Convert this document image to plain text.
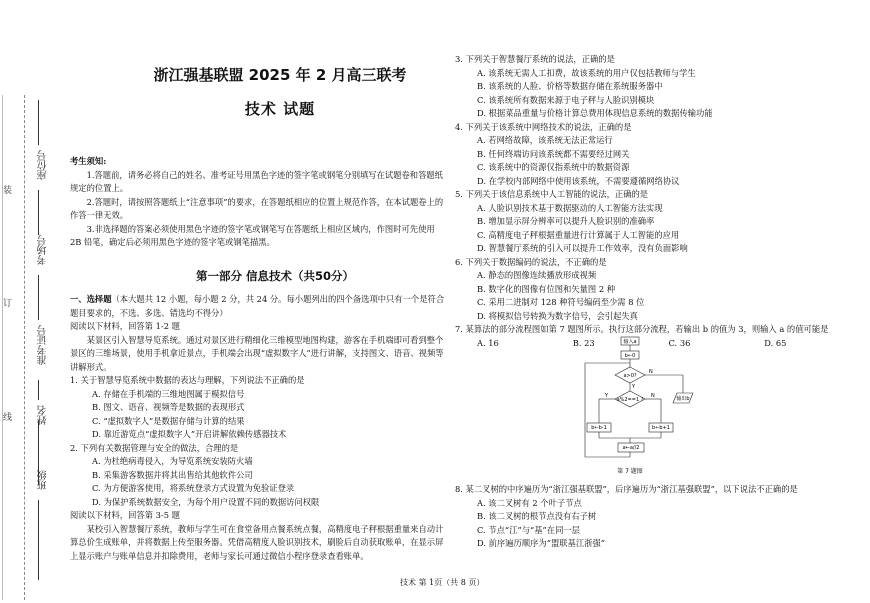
装
订
线
班级
姓名
准考证号
考场号
座位号
浙江强基联盟 2025 年 2 月高三联考
技术 试题

考生须知:

1.答题前，请务必将自己的姓名、准考证号用黑色字迹的签字笔或钢笔分别填写在试题卷和答题纸规定的位置上。

2.答题时，请按照答题纸上“注意事项”的要求，在答题纸相应的位置上规范作答，在本试题卷上的作答一律无效。

3.非选择题的答案必须使用黑色字迹的签字笔或钢笔写在答题纸上相应区域内，作图时可先使用 2B 铅笔，确定后必须用黑色字迹的签字笔或钢笔描黑。

第一部分 信息技术（共50分）

一、选择题（本大题共 12 小题，每小题 2 分，共 24 分。每小题列出的四个备选项中只有一个是符合题目要求的，不选、多选、错选均不得分）

阅读以下材料，回答第 1-2 题

某景区引入智慧导览系统。通过对景区进行精细化三维模型地图构建，游客在手机端即可看到整个景区的三维场景，使用手机拿近景点，手机端会出现“虚拟数字人”进行讲解，支持图文、语音、视频等讲解形式。

1. 关于智慧导览系统中数据的表达与理解，下列说法不正确的是

A. 存储在手机端的三维地图属于模拟信号

B. 图文、语音、视频等是数据的表现形式

C. “虚拟数字人”是数据存储与计算的结果

D. 靠近游览点“虚拟数字人”开启讲解依赖传感器技术

2. 下列有关数据管理与安全的做法，合理的是

A. 为杜绝病毒侵入，为导览系统安装防火墙

B. 采集游客数据并将其出售给其他软件公司

C. 为方便游客使用，将系统登录方式设置为免验证登录

D. 为保护系统数据安全，为每个用户设置不同的数据访问权限

阅读以下材料，回答第 3-5 题

某校引入智慧餐厅系统，教师与学生可在食堂备用点餐系统点餐，高精度电子秤根据重量来自动计算总价生成账单，并将数据上传至服务器。凭借高精度人脸识别技术，刷脸后自动获取账单，在显示屏上显示账户与账单信息并扣除费用，老师与家长可通过微信小程序登录查看账单。

3. 下列关于智慧餐厅系统的说法，正确的是

A. 该系统无需人工扣费，故该系统的用户仅包括教师与学生

B. 该系统的人脸、价格等数据存储在系统服务器中

C. 该系统所有数据来源于电子秤与人脸识别模块

D. 根据菜品重量与价格计算总费用体现信息系统的数据传输功能

4. 下列关于该系统中网络技术的说法，正确的是

A. 若网络故障，该系统无法正常运行

B. 任何终端访问该系统都不需要经过网关

C. 该系统中的资源仅指系统中的数据资源

D. 在学校内部网络中使用该系统，不需要遵循网络协议

5. 下列关于该信息系统中人工智能的说法，正确的是

A. 人脸识别技术基于数据驱动的人工智能方法实现

B. 增加显示屏分辨率可以提升人脸识别的准确率

C. 高精度电子秤根据重量进行计算属于人工智能的应用

D. 智慧餐厅系统的引入可以提升工作效率，没有负面影响

6. 下列关于数据编码的说法，不正确的是

A. 静态的图像连续播放形成视频

B. 数字化的图像有位图和矢量图 2 种

C. 采用二进制对 128 种符号编码至少需 8 位

D. 将模拟信号转换为数字信号，会引起失真

7. 某算法的部分流程图如第 7 题图所示。执行这部分流程，若输出 b 的值为 3，则输入 a 的值可能是

A. 16	B. 23	C. 36	D. 65
输入a
b←0
a>0?
a%2==1 ?
b←b-1	b←b+1
a←a//2
输出b
Y
N
Y	N
第 7 题图

8. 某二叉树的中序遍历为“浙江强基联盟”，后序遍历为“浙江基强联盟”，以下说法不正确的是

A. 该二叉树有 2 个叶子节点

B. 该二叉树的根节点没有右子树

C. 节点“江”与“基”在同一层

D. 前序遍历顺序为“盟联基江浙强”

技术 第 1页（共 8 页）
